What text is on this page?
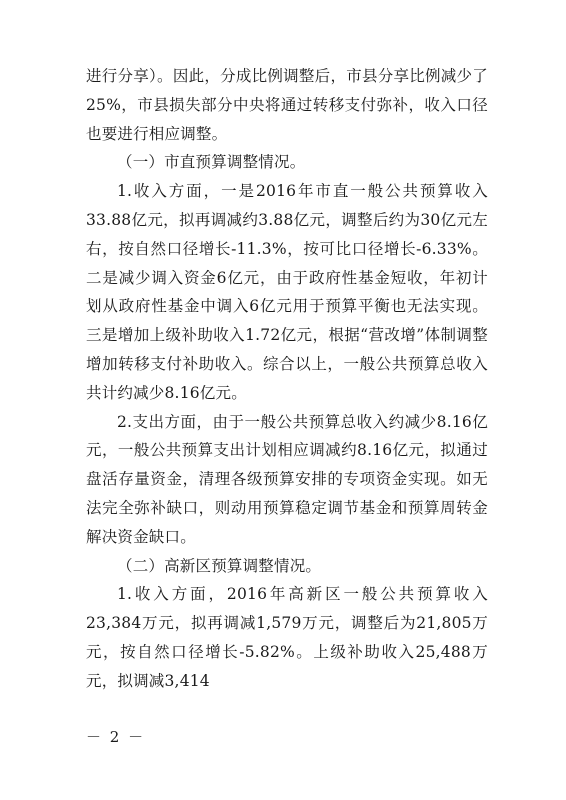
进行分享）。因此，分成比例调整后，市县分享比例减少了25%，市县损失部分中央将通过转移支付弥补，收入口径也要进行相应调整。

（一）市直预算调整情况。

1.收入方面，一是2016年市直一般公共预算收入33.88亿元，拟再调减约3.88亿元，调整后约为30亿元左右，按自然口径增长-11.3%，按可比口径增长-6.33%。二是减少调入资金6亿元，由于政府性基金短收，年初计划从政府性基金中调入6亿元用于预算平衡也无法实现。三是增加上级补助收入1.72亿元，根据“营改增”体制调整增加转移支付补助收入。综合以上，一般公共预算总收入共计约减少8.16亿元。

2.支出方面，由于一般公共预算总收入约减少8.16亿元，一般公共预算支出计划相应调减约8.16亿元，拟通过盘活存量资金，清理各级预算安排的专项资金实现。如无法完全弥补缺口，则动用预算稳定调节基金和预算周转金解决资金缺口。

（二）高新区预算调整情况。

1.收入方面，2016年高新区一般公共预算收入23,384万元，拟再调减1,579万元，调整后为21,805万元，按自然口径增长-5.82%。上级补助收入25,488万元，拟调减3,414

－ 2 －
